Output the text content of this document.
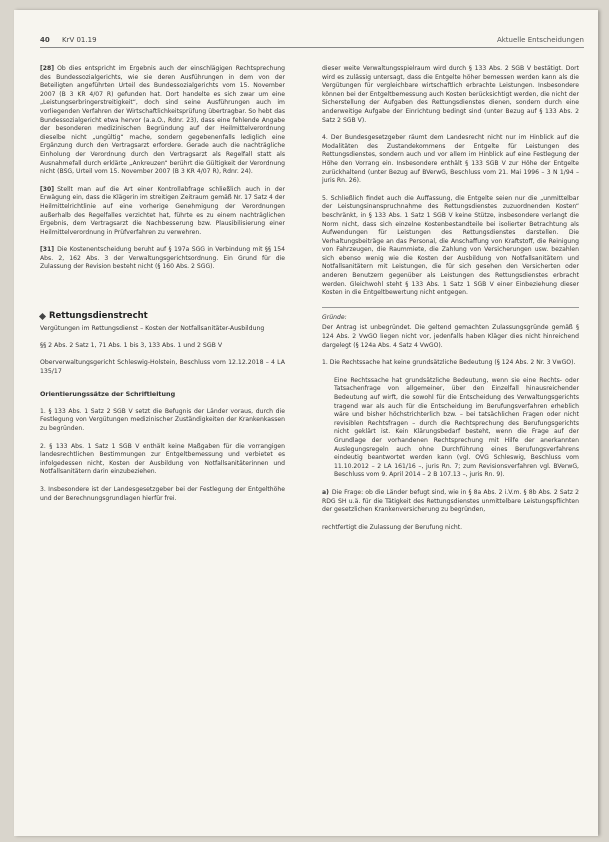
40 KrV 01.19	Aktuelle Entscheidungen

[28] Ob dies entspricht im Ergebnis auch der einschlägigen Rechtsprechung des Bundessozialgerichts, wie sie deren Ausführungen in dem von der Beteiligten angeführten Urteil des Bundessozialgerichts vom 15. November 2007 (B 3 KR 4/07 R) gefunden hat. Dort handelte es sich zwar um eine „Leistungserbringerstreitigkeit“, doch sind seine Ausführungen auch im vorliegenden Verfahren der Wirtschaftlichkeitsprüfung übertragbar. So hebt das Bundessozialgericht etwa hervor (a.a.O., Rdnr. 23), dass eine fehlende Angabe der besonderen medizinischen Begründung auf der Heilmittelverordnung dieselbe nicht „ungültig“ mache, sondern gegebenenfalls lediglich eine Ergänzung durch den Vertragsarzt erfordere. Gerade auch die nachträgliche Einholung der Verordnung durch den Vertragsarzt als Regelfall statt als Ausnahmefall durch erklärte „Ankreuzen“ berührt die Gültigkeit der Verordnung nicht (BSG, Urteil vom 15. November 2007 (B 3 KR 4/07 R), Rdnr. 24).

[30] Stellt man auf die Art einer Kontrollabfrage schließlich auch in der Erwägung ein, dass die Klägerin im streitigen Zeitraum gemäß Nr. 17 Satz 4 der Heilmittelrichtlinie auf eine vorherige Genehmigung der Verordnungen außerhalb des Regelfalles verzichtet hat, führte es zu einem nachträglichen Ergebnis, dem Vertragsarzt die Nachbesserung bzw. Plausibilisierung einer Heilmittelverordnung in Prüfverfahren zu verwehren.

[31] Die Kostenentscheidung beruht auf § 197a SGG in Verbindung mit §§ 154 Abs. 2, 162 Abs. 3 der Verwaltungsgerichtsordnung. Ein Grund für die Zulassung der Revision besteht nicht (§ 160 Abs. 2 SGG).

Rettungsdienstrecht

Vergütungen im Rettungsdienst – Kosten der Notfallsanitäter-Ausbildung

§§ 2 Abs. 2 Satz 1, 71 Abs. 1 bis 3, 133 Abs. 1 und 2 SGB V

Oberverwaltungsgericht Schleswig-Holstein, Beschluss vom 12.12.2018 – 4 LA 135/17

Orientierungssätze der Schriftleitung

1. § 133 Abs. 1 Satz 2 SGB V setzt die Befugnis der Länder voraus, durch die Festlegung von Vergütungen medizinischer Zuständigkeiten der Krankenkassen zu begründen.

2. § 133 Abs. 1 Satz 1 SGB V enthält keine Maßgaben für die vorrangigen landesrechtlichen Bestimmungen zur Entgeltbemessung und verbietet es infolgedessen nicht, Kosten der Ausbildung von Notfallsanitäterinnen und Notfallsanitätern darin einzubeziehen.

3. Insbesondere ist der Landesgesetzgeber bei der Festlegung der Entgelthöhe und der Berechnungsgrundlagen hierfür frei.

dieser weite Verwaltungsspielraum wird durch § 133 Abs. 2 SGB V bestätigt. Dort wird es zulässig untersagt, dass die Entgelte höher bemessen werden kann als die Vergütungen für vergleichbare wirtschaftlich erbrachte Leistungen. Insbesondere können bei der Entgeltbemessung auch Kosten berücksichtigt werden, die nicht der Sicherstellung der Aufgaben des Rettungsdienstes dienen, sondern durch eine anderweitige Aufgabe der Einrichtung bedingt sind (unter Bezug auf § 133 Abs. 2 Satz 2 SGB V).

4. Der Bundesgesetzgeber räumt dem Landesrecht nicht nur im Hinblick auf die Modalitäten des Zustandekommens der Entgelte für Leistungen des Rettungsdienstes, sondern auch und vor allem im Hinblick auf eine Festlegung der Höhe den Vorrang ein. Insbesondere enthält § 133 SGB V zur Höhe der Entgelte zurückhaltend (unter Bezug auf BVerwG, Beschluss vom 21. Mai 1996 – 3 N 1/94 – juris Rn. 26).

5. Schließlich findet auch die Auffassung, die Entgelte seien nur die „unmittelbar der Leistungsinanspruchnahme des Rettungsdienstes zuzuordnenden Kosten“ beschränkt, in § 133 Abs. 1 Satz 1 SGB V keine Stütze, insbesondere verlangt die Norm nicht, dass sich einzelne Kostenbestandteile bei isolierter Betrachtung als Aufwendungen für Leistungen des Rettungsdienstes darstellen. Die Verhaltungsbeiträge an das Personal, die Anschaffung von Kraftstoff, die Reinigung von Fahrzeugen, die Raummiete, die Zahlung von Versicherungen usw. bezahlen sich ebenso wenig wie die Kosten der Ausbildung von Notfallsanitätern und Notfallsanitätern mit Leistungen, die für sich gesehen den Versicherten oder anderen Benutzern gegenüber als Leistungen des Rettungsdienstes erbracht werden. Gleichwohl steht § 133 Abs. 1 Satz 1 SGB V einer Einbeziehung dieser Kosten in die Entgeltbewertung nicht entgegen.

Gründe:

Der Antrag ist unbegründet. Die geltend gemachten Zulassungsgründe gemäß § 124 Abs. 2 VwGO liegen nicht vor, jedenfalls haben Kläger dies nicht hinreichend dargelegt (§ 124a Abs. 4 Satz 4 VwGO).

1. Die Rechtssache hat keine grundsätzliche Bedeutung (§ 124 Abs. 2 Nr. 3 VwGO).

Eine Rechtssache hat grundsätzliche Bedeutung, wenn sie eine Rechts- oder Tatsachenfrage von allgemeiner, über den Einzelfall hinausreichender Bedeutung auf wirft, die sowohl für die Entscheidung des Verwaltungsgerichts tragend war als auch für die Entscheidung im Berufungsverfahren erheblich wäre und bisher höchstrichterlich bzw. – bei tatsächlichen Fragen oder nicht revisiblen Rechtsfragen – durch die Rechtsprechung des Berufungsgerichts nicht geklärt ist. Kein Klärungsbedarf besteht, wenn die Frage auf der Grundlage der vorhandenen Rechtsprechung mit Hilfe der anerkannten Auslegungsregeln auch ohne Durchführung eines Berufungsverfahrens eindeutig beantwortet werden kann (vgl. OVG Schleswig, Beschluss vom 11.10.2012 – 2 LA 161/16 –, juris Rn. 7; zum Revisionsverfahren vgl. BVerwG, Beschluss vom 9. April 2014 – 2 B 107.13 –, juris Rn. 9).

a) Die Frage: ob die Länder befugt sind, wie in § 8a Abs. 2 i.V.m. § 8b Abs. 2 Satz 2 RDG SH u.ä. für die Tätigkeit des Rettungsdienstes unmittelbare Leistungspflichten der gesetzlichen Krankenversicherung zu begründen,

rechtfertigt die Zulassung der Berufung nicht.
